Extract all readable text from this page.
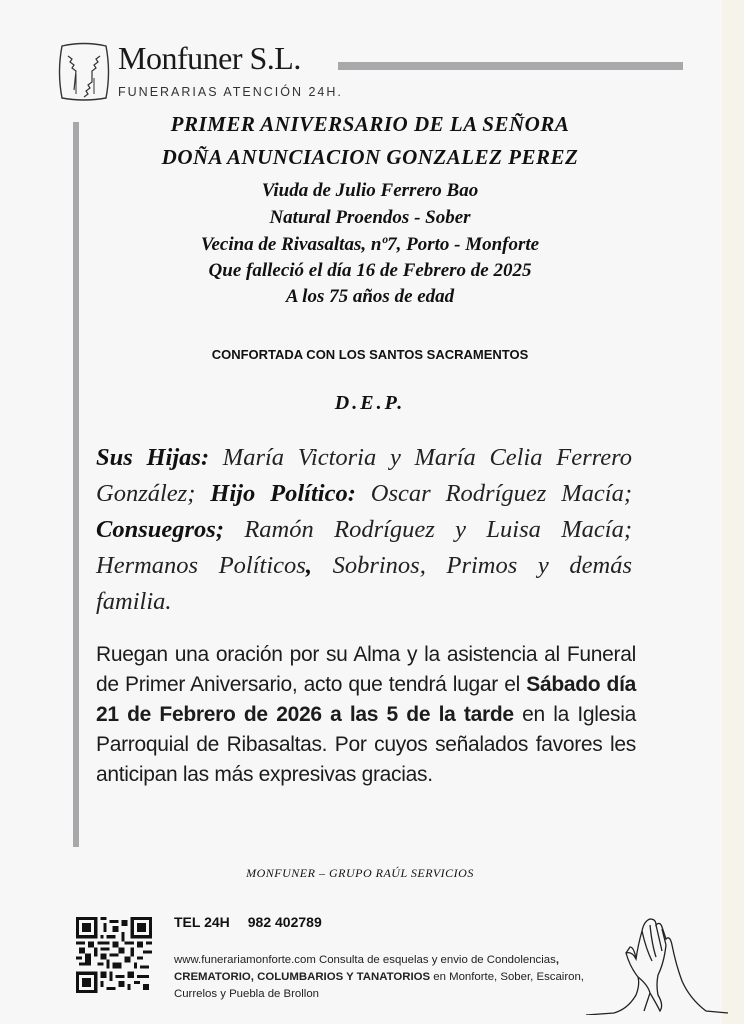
Monfuner S.L.
FUNERARIAS ATENCIÓN 24H.
PRIMER ANIVERSARIO DE LA SEÑORA
DOÑA ANUNCIACION GONZALEZ PEREZ
Viuda de Julio Ferrero Bao
Natural Proendos - Sober
Vecina de Rivasaltas, nº7, Porto - Monforte
Que falleció el día 16 de Febrero de 2025
A los 75 años de edad
CONFORTADA CON LOS SANTOS SACRAMENTOS
D.E.P.
Sus Hijas: María Victoria y María Celia Ferrero González; Hijo Político: Oscar Rodríguez Macía; Consuegros; Ramón Rodríguez y Luisa Macía; Hermanos Políticos, Sobrinos, Primos y demás familia.
Ruegan una oración por su Alma y la asistencia al Funeral de Primer Aniversario, acto que tendrá lugar el Sábado día 21 de Febrero de 2026 a las 5 de la tarde en la Iglesia Parroquial de Ribasaltas. Por cuyos señalados favores les anticipan las más expresivas gracias.
MONFUNER – GRUPO RAÚL SERVICIOS
TEL 24H 982 402789
www.funerariamonforte.com Consulta de esquelas y envio de Condolencias, CREMATORIO, COLUMBARIOS Y TANATORIOS en Monforte, Sober, Escairon, Currelos y Puebla de Brollon
